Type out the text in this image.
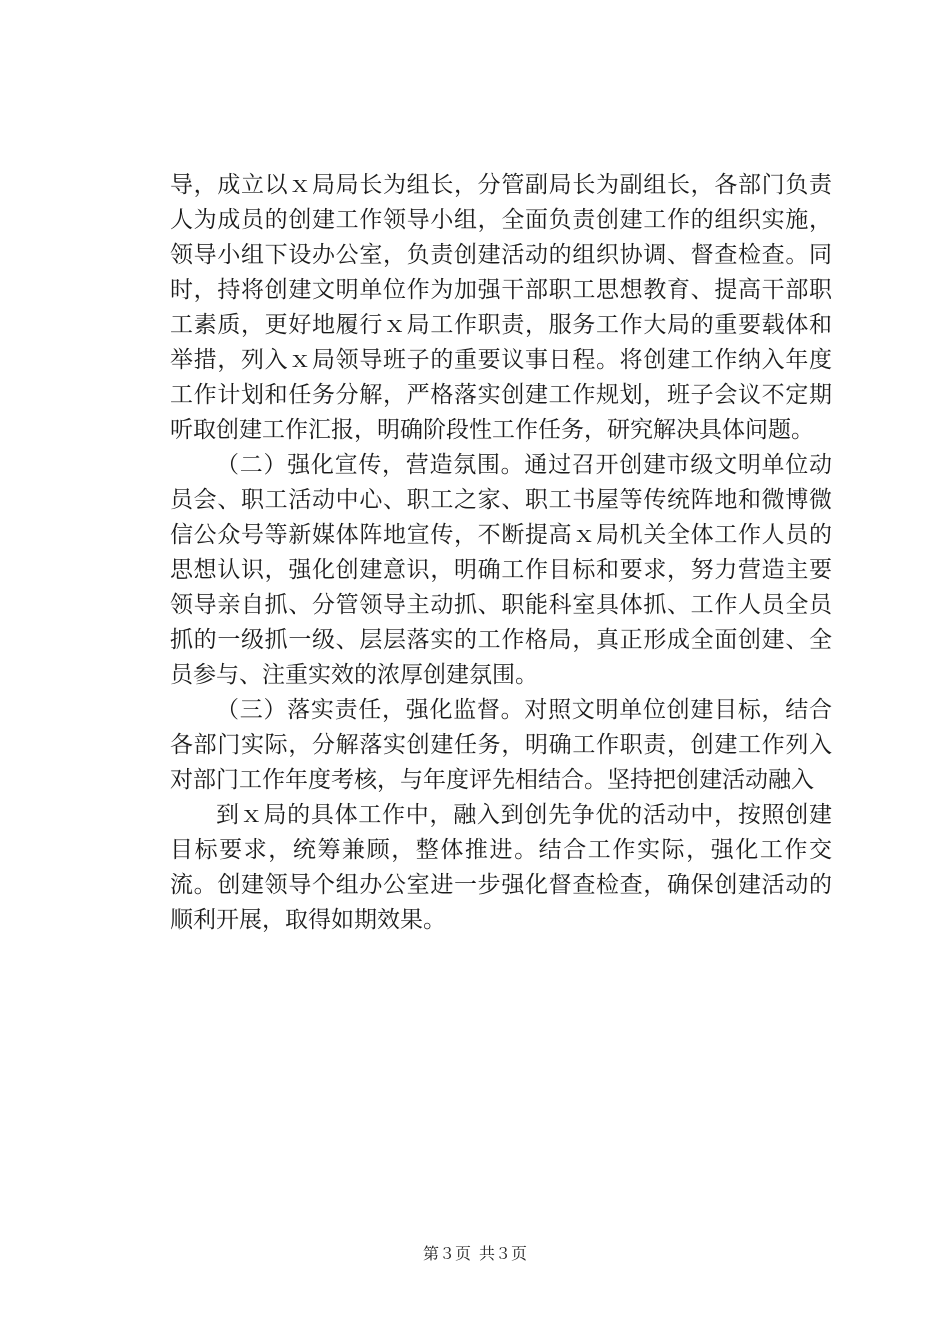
导，成立以ｘ局局长为组长，分管副局长为副组长，各部门负责人为成员的创建工作领导小组，全面负责创建工作的组织实施，领导小组下设办公室，负责创建活动的组织协调、督查检查。同时，持将创建文明单位作为加强干部职工思想教育、提高干部职工素质，更好地履行ｘ局工作职责，服务工作大局的重要载体和举措，列入ｘ局领导班子的重要议事日程。将创建工作纳入年度工作计划和任务分解，严格落实创建工作规划，班子会议不定期听取创建工作汇报，明确阶段性工作任务，研究解决具体问题。

（二）强化宣传，营造氛围。通过召开创建市级文明单位动员会、职工活动中心、职工之家、职工书屋等传统阵地和微博微信公众号等新媒体阵地宣传，不断提高ｘ局机关全体工作人员的思想认识，强化创建意识，明确工作目标和要求，努力营造主要领导亲自抓、分管领导主动抓、职能科室具体抓、工作人员全员抓的一级抓一级、层层落实的工作格局，真正形成全面创建、全员参与、注重实效的浓厚创建氛围。

（三）落实责任，强化监督。对照文明单位创建目标，结合各部门实际，分解落实创建任务，明确工作职责，创建工作列入对部门工作年度考核，与年度评先相结合。坚持把创建活动融入

到ｘ局的具体工作中，融入到创先争优的活动中，按照创建目标要求，统筹兼顾，整体推进。结合工作实际，强化工作交流。创建领导个组办公室进一步强化督查检查，确保创建活动的顺利开展，取得如期效果。

第３页 共３页
